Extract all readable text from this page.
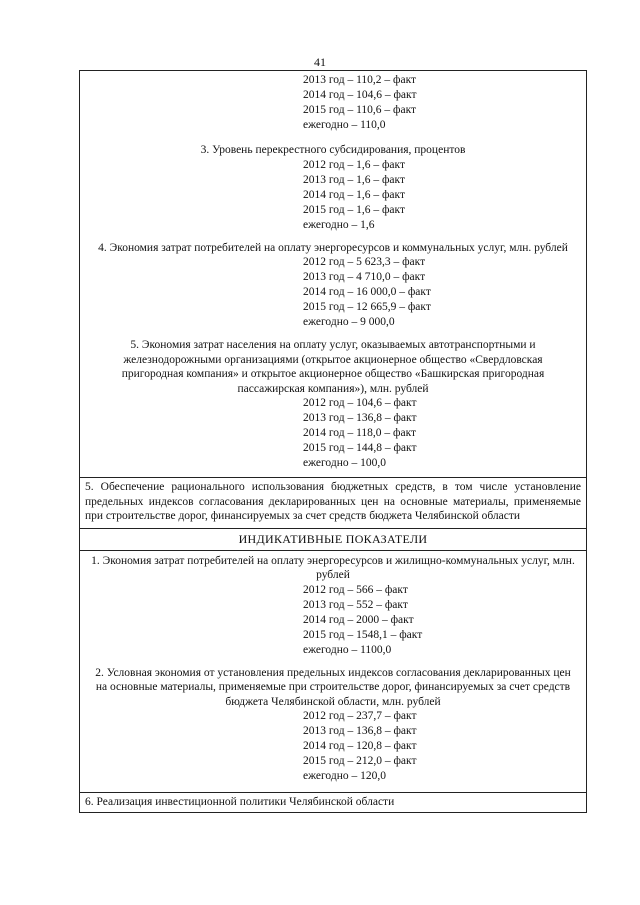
41
2013 год – 110,2 – факт
2014 год – 104,6 – факт
2015 год – 110,6 – факт
ежегодно – 110,0
3. Уровень перекрестного субсидирования, процентов
2012 год – 1,6 – факт
2013 год – 1,6 – факт
2014 год – 1,6 – факт
2015 год – 1,6 – факт
ежегодно – 1,6
4. Экономия затрат потребителей на оплату энергоресурсов и коммунальных услуг, млн. рублей
2012 год – 5 623,3 – факт
2013 год – 4 710,0 – факт
2014 год – 16 000,0 – факт
2015 год – 12 665,9 – факт
ежегодно – 9 000,0
5. Экономия затрат населения на оплату услуг, оказываемых автотранспортными и железнодорожными организациями (открытое акционерное общество «Свердловская пригородная компания» и открытое акционерное общество «Башкирская пригородная пассажирская компания»), млн. рублей
2012 год – 104,6 – факт
2013 год – 136,8 – факт
2014 год – 118,0 – факт
2015 год – 144,8 – факт
ежегодно – 100,0
5. Обеспечение рационального использования бюджетных средств, в том числе установление предельных индексов согласования декларированных цен на основные материалы, применяемые при строительстве дорог, финансируемых за счет средств бюджета Челябинской области
ИНДИКАТИВНЫЕ ПОКАЗАТЕЛИ
1. Экономия затрат потребителей на оплату энергоресурсов и жилищно-коммунальных услуг, млн. рублей
2012 год – 566 – факт
2013 год – 552 – факт
2014 год – 2000 – факт
2015 год – 1548,1 – факт
ежегодно – 1100,0
2. Условная экономия от установления предельных индексов согласования декларированных цен на основные материалы, применяемые при строительстве дорог, финансируемых за счет средств бюджета Челябинской области, млн. рублей
2012 год – 237,7 – факт
2013 год – 136,8 – факт
2014 год – 120,8 – факт
2015 год – 212,0 – факт
ежегодно – 120,0
6. Реализация инвестиционной политики Челябинской области
